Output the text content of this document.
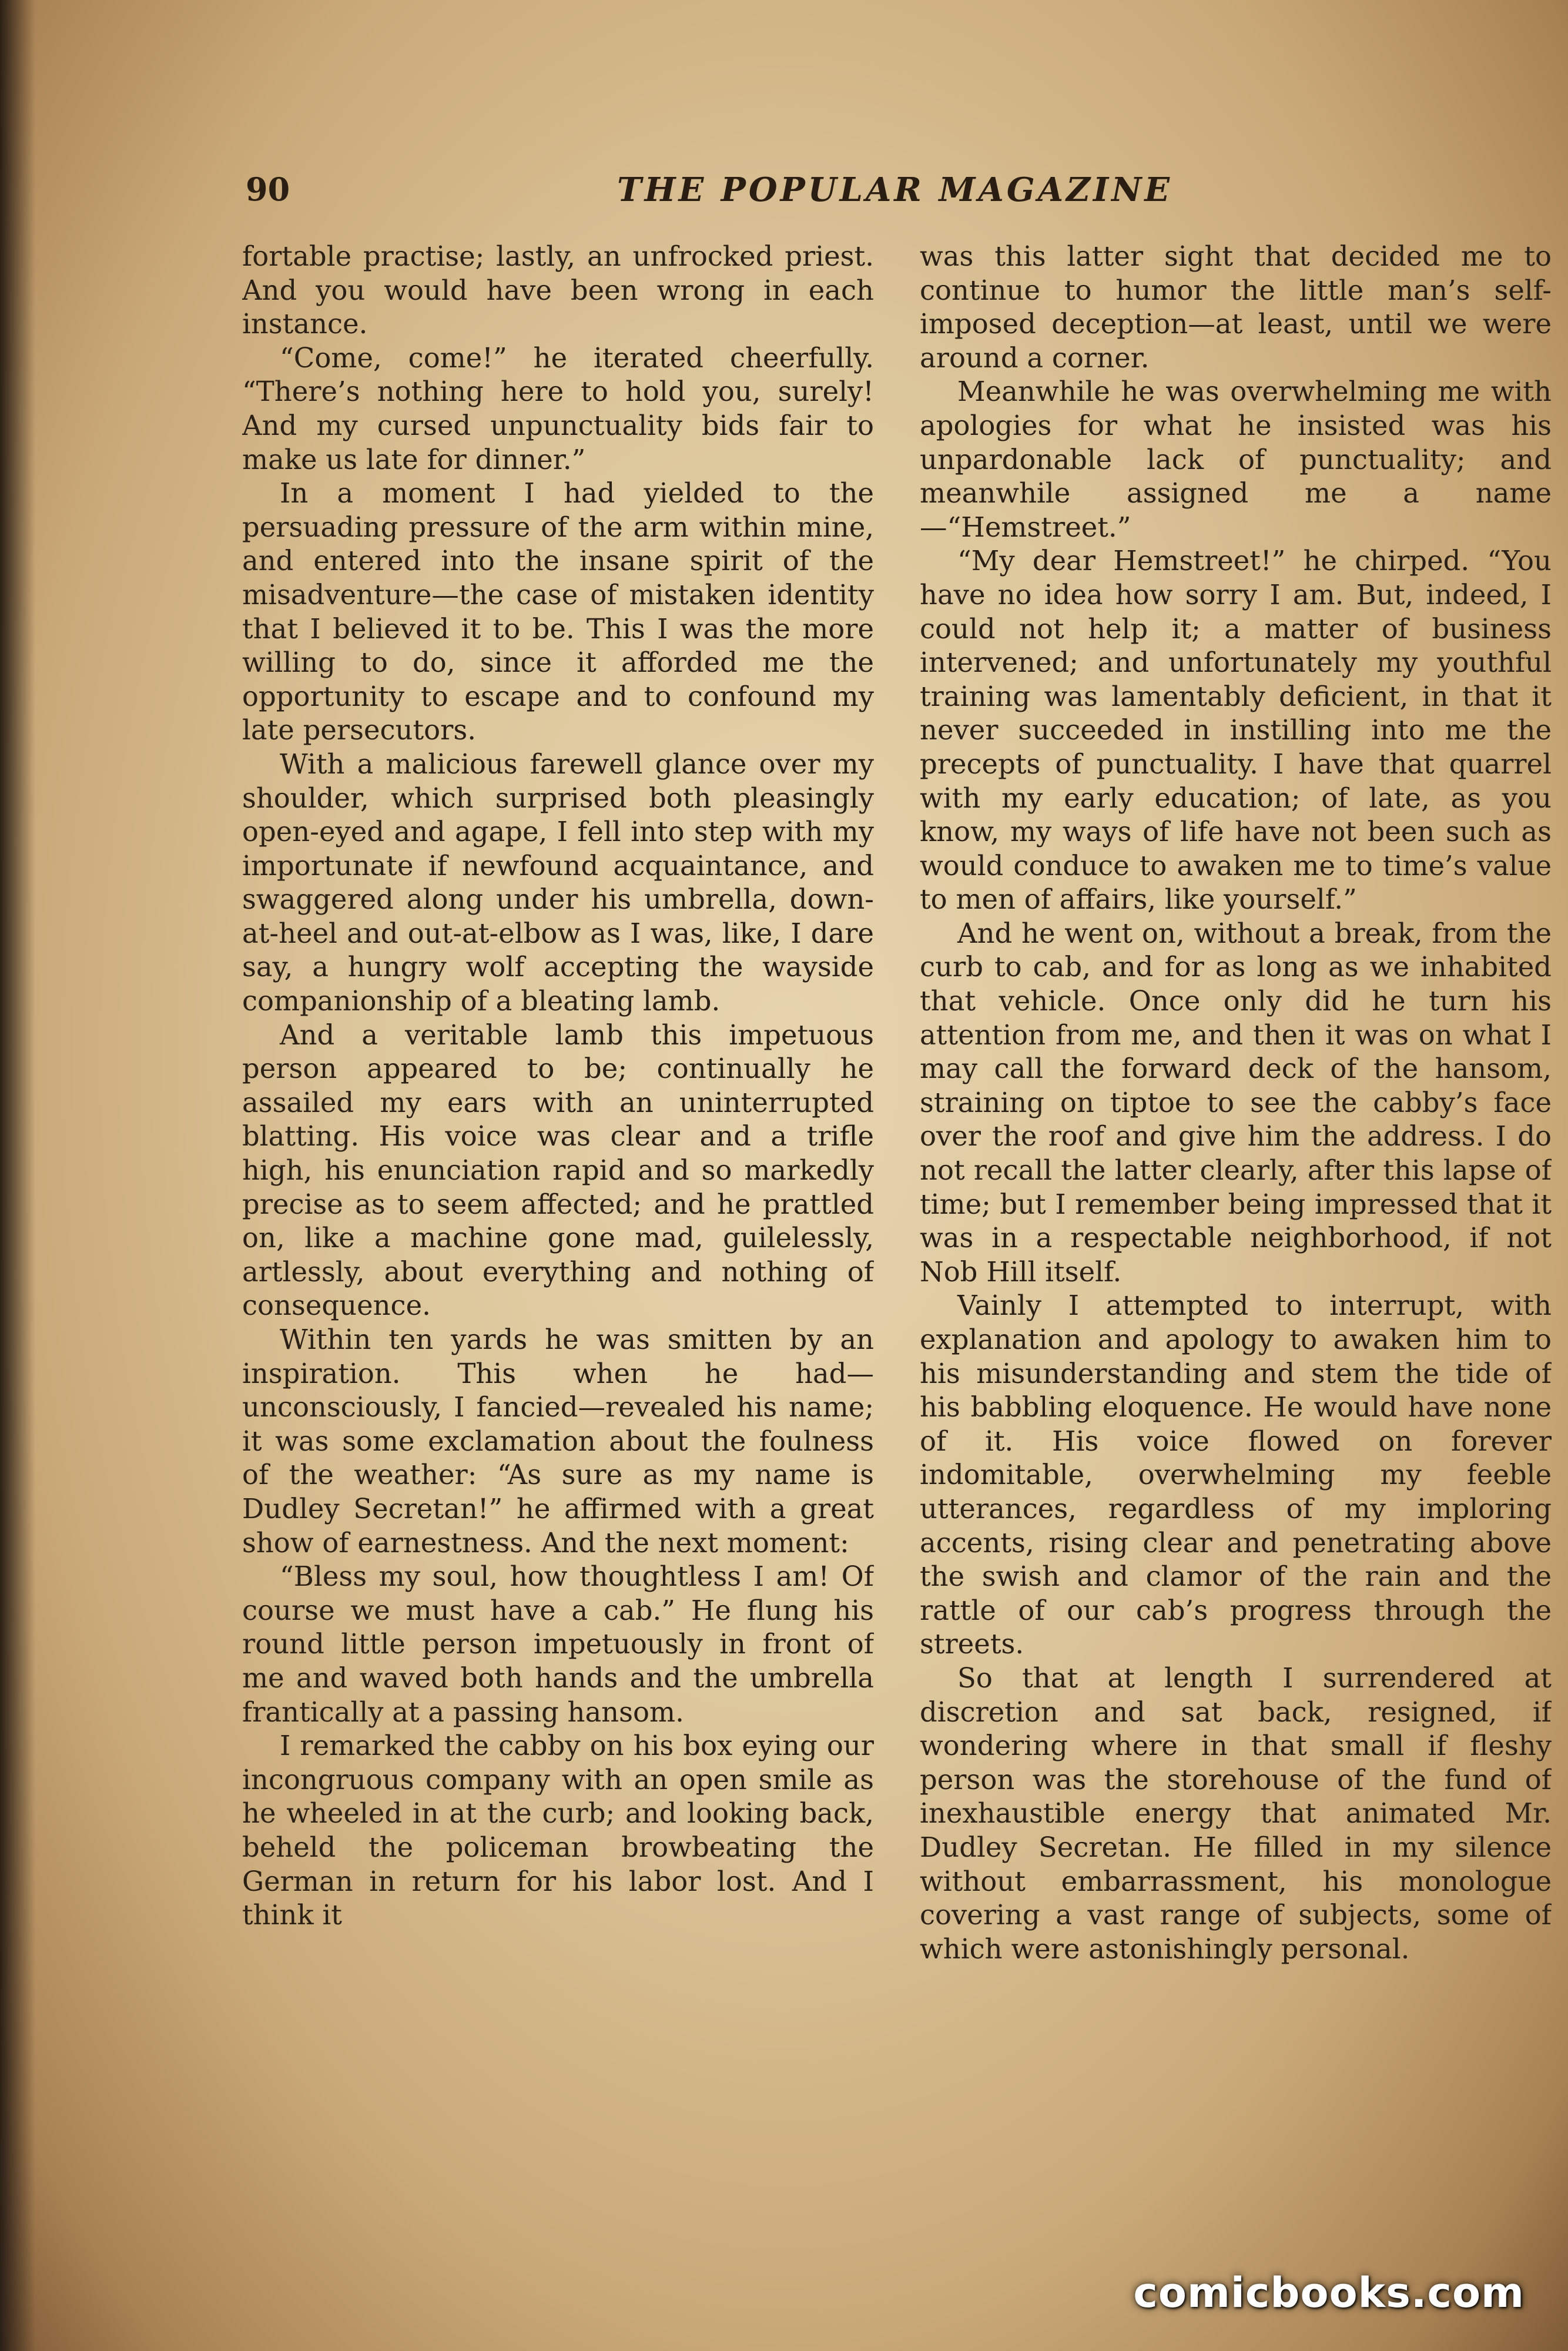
90	THE POPULAR MAGAZINE

fortable practise; lastly, an unfrocked priest. And you would have been wrong in each instance.

“Come, come!” he iterated cheerfully. “There’s nothing here to hold you, surely! And my cursed unpunctuality bids fair to make us late for dinner.”

In a moment I had yielded to the persuading pressure of the arm within mine, and entered into the insane spirit of the misadventure—the case of mistaken identity that I believed it to be. This I was the more willing to do, since it afforded me the opportunity to escape and to confound my late persecutors.

With a malicious farewell glance over my shoulder, which surprised both pleasingly open-eyed and agape, I fell into step with my importunate if newfound acquaintance, and swaggered along under his umbrella, down-at-heel and out-at-elbow as I was, like, I dare say, a hungry wolf accepting the wayside companionship of a bleating lamb.

And a veritable lamb this impetuous person appeared to be; continually he assailed my ears with an uninterrupted blatting. His voice was clear and a trifle high, his enunciation rapid and so markedly precise as to seem affected; and he prattled on, like a machine gone mad, guilelessly, artlessly, about everything and nothing of consequence.

Within ten yards he was smitten by an inspiration. This when he had—unconsciously, I fancied—revealed his name; it was some exclamation about the foulness of the weather: “As sure as my name is Dudley Secretan!” he affirmed with a great show of earnestness. And the next moment:

“Bless my soul, how thoughtless I am! Of course we must have a cab.” He flung his round little person impetuously in front of me and waved both hands and the umbrella frantically at a passing hansom.

I remarked the cabby on his box eying our incongruous company with an open smile as he wheeled in at the curb; and looking back, beheld the policeman browbeating the German in return for his labor lost. And I think it

was this latter sight that decided me to continue to humor the little man’s self-imposed deception—at least, until we were around a corner.

Meanwhile he was overwhelming me with apologies for what he insisted was his unpardonable lack of punctuality; and meanwhile assigned me a name—“Hemstreet.”

“My dear Hemstreet!” he chirped. “You have no idea how sorry I am. But, indeed, I could not help it; a matter of business intervened; and unfortunately my youthful training was lamentably deficient, in that it never succeeded in instilling into me the precepts of punctuality. I have that quarrel with my early education; of late, as you know, my ways of life have not been such as would conduce to awaken me to time’s value to men of affairs, like yourself.”

And he went on, without a break, from the curb to cab, and for as long as we inhabited that vehicle. Once only did he turn his attention from me, and then it was on what I may call the forward deck of the hansom, straining on tiptoe to see the cabby’s face over the roof and give him the address. I do not recall the latter clearly, after this lapse of time; but I remember being impressed that it was in a respectable neighborhood, if not Nob Hill itself.

Vainly I attempted to interrupt, with explanation and apology to awaken him to his misunderstanding and stem the tide of his babbling eloquence. He would have none of it. His voice flowed on forever indomitable, overwhelming my feeble utterances, regardless of my imploring accents, rising clear and penetrating above the swish and clamor of the rain and the rattle of our cab’s progress through the streets.

So that at length I surrendered at discretion and sat back, resigned, if wondering where in that small if fleshy person was the storehouse of the fund of inexhaustible energy that animated Mr. Dudley Secretan. He filled in my silence without embarrassment, his monologue covering a vast range of subjects, some of which were astonishingly personal.

comicbooks.com
